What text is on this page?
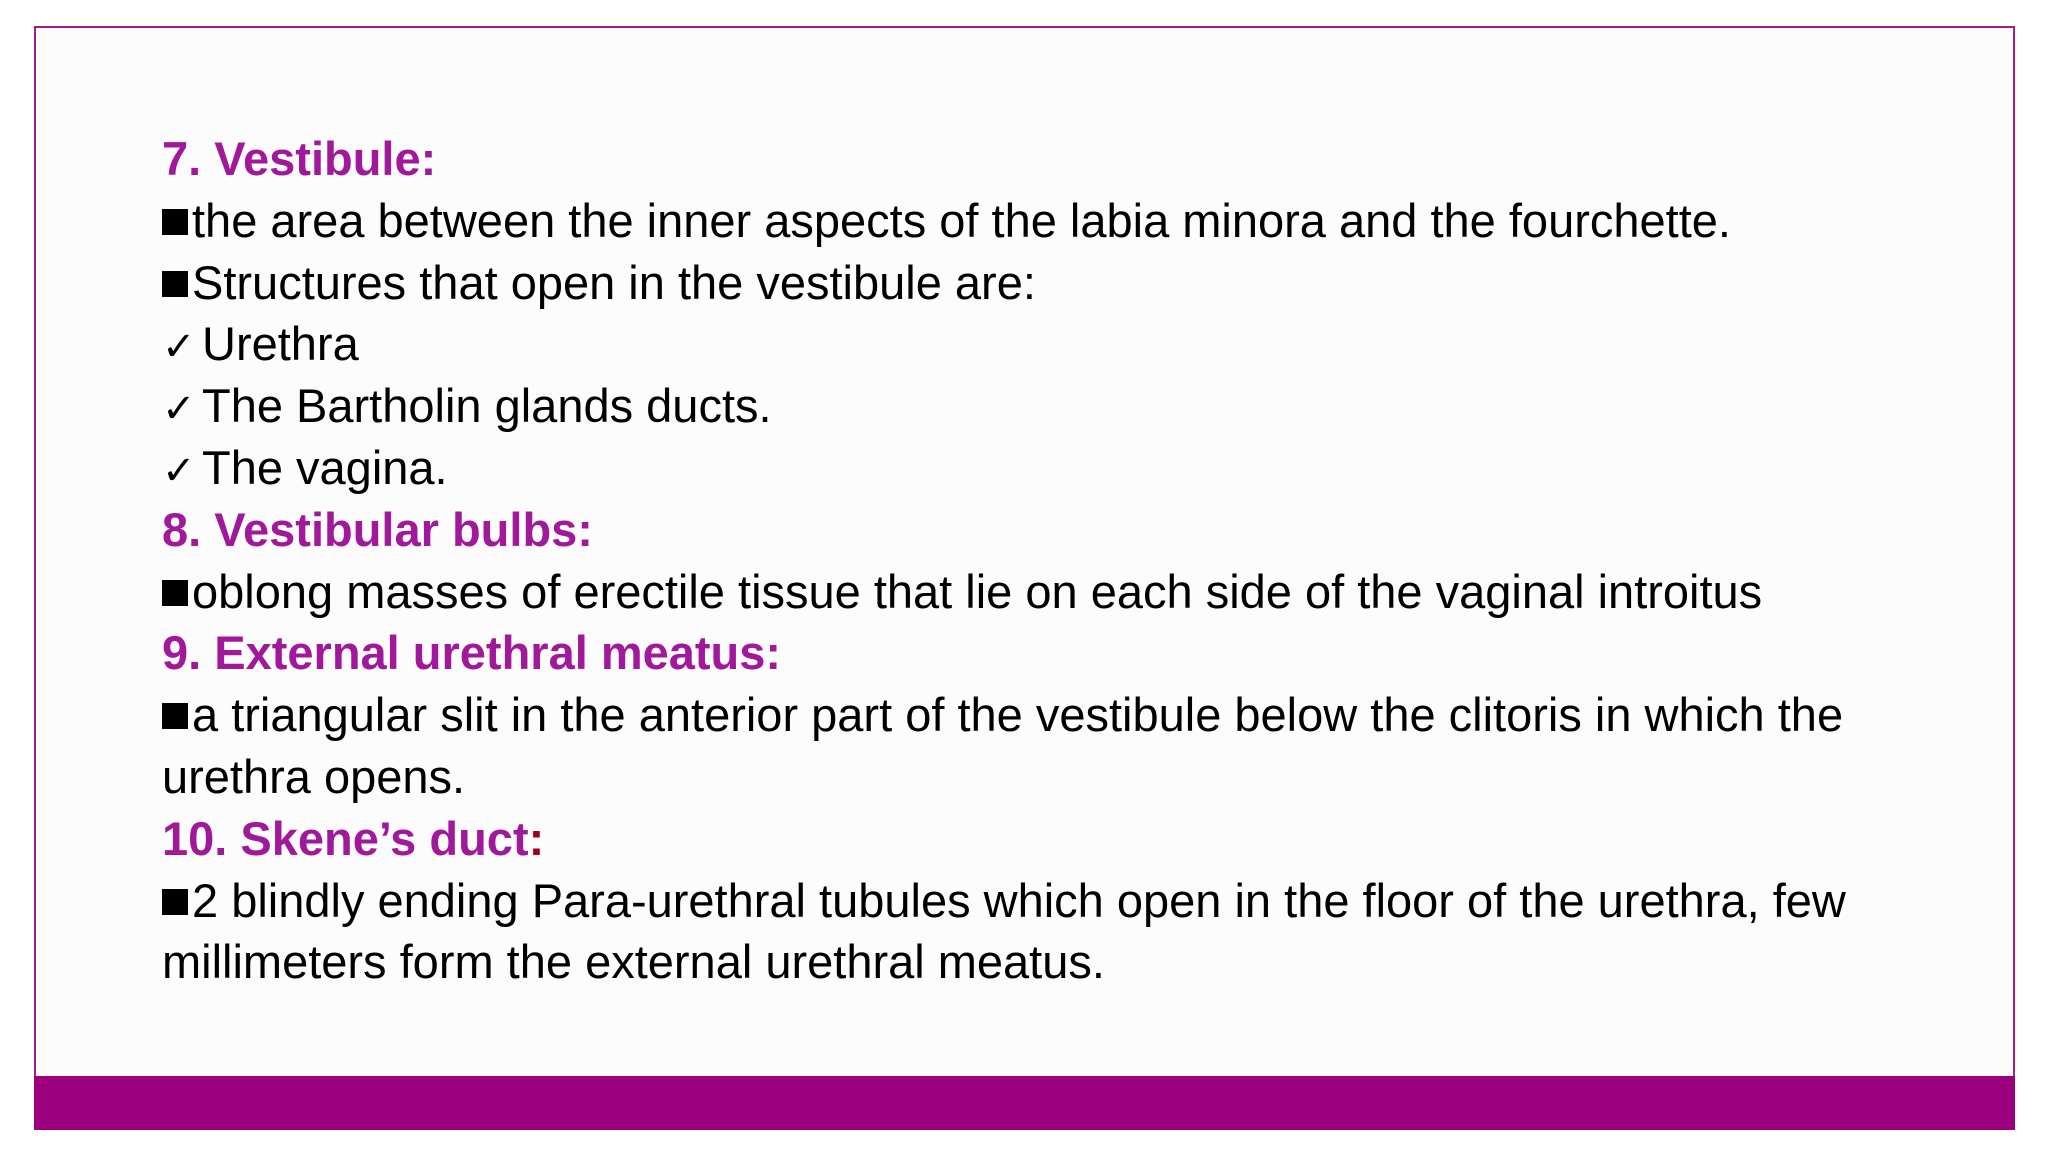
7. Vestibule:
the area between the inner aspects of the labia minora and the fourchette.
Structures that open in the vestibule are:
✓ Urethra
✓ The Bartholin glands ducts.
✓ The vagina.
8. Vestibular bulbs:
oblong masses of erectile tissue that lie on each side of the vaginal introitus
9. External urethral meatus:
a triangular slit in the anterior part of the vestibule below the clitoris in which the urethra opens.
10. Skene’s duct:
2 blindly ending Para-urethral tubules which open in the floor of the urethra, few millimeters form the external urethral meatus.
